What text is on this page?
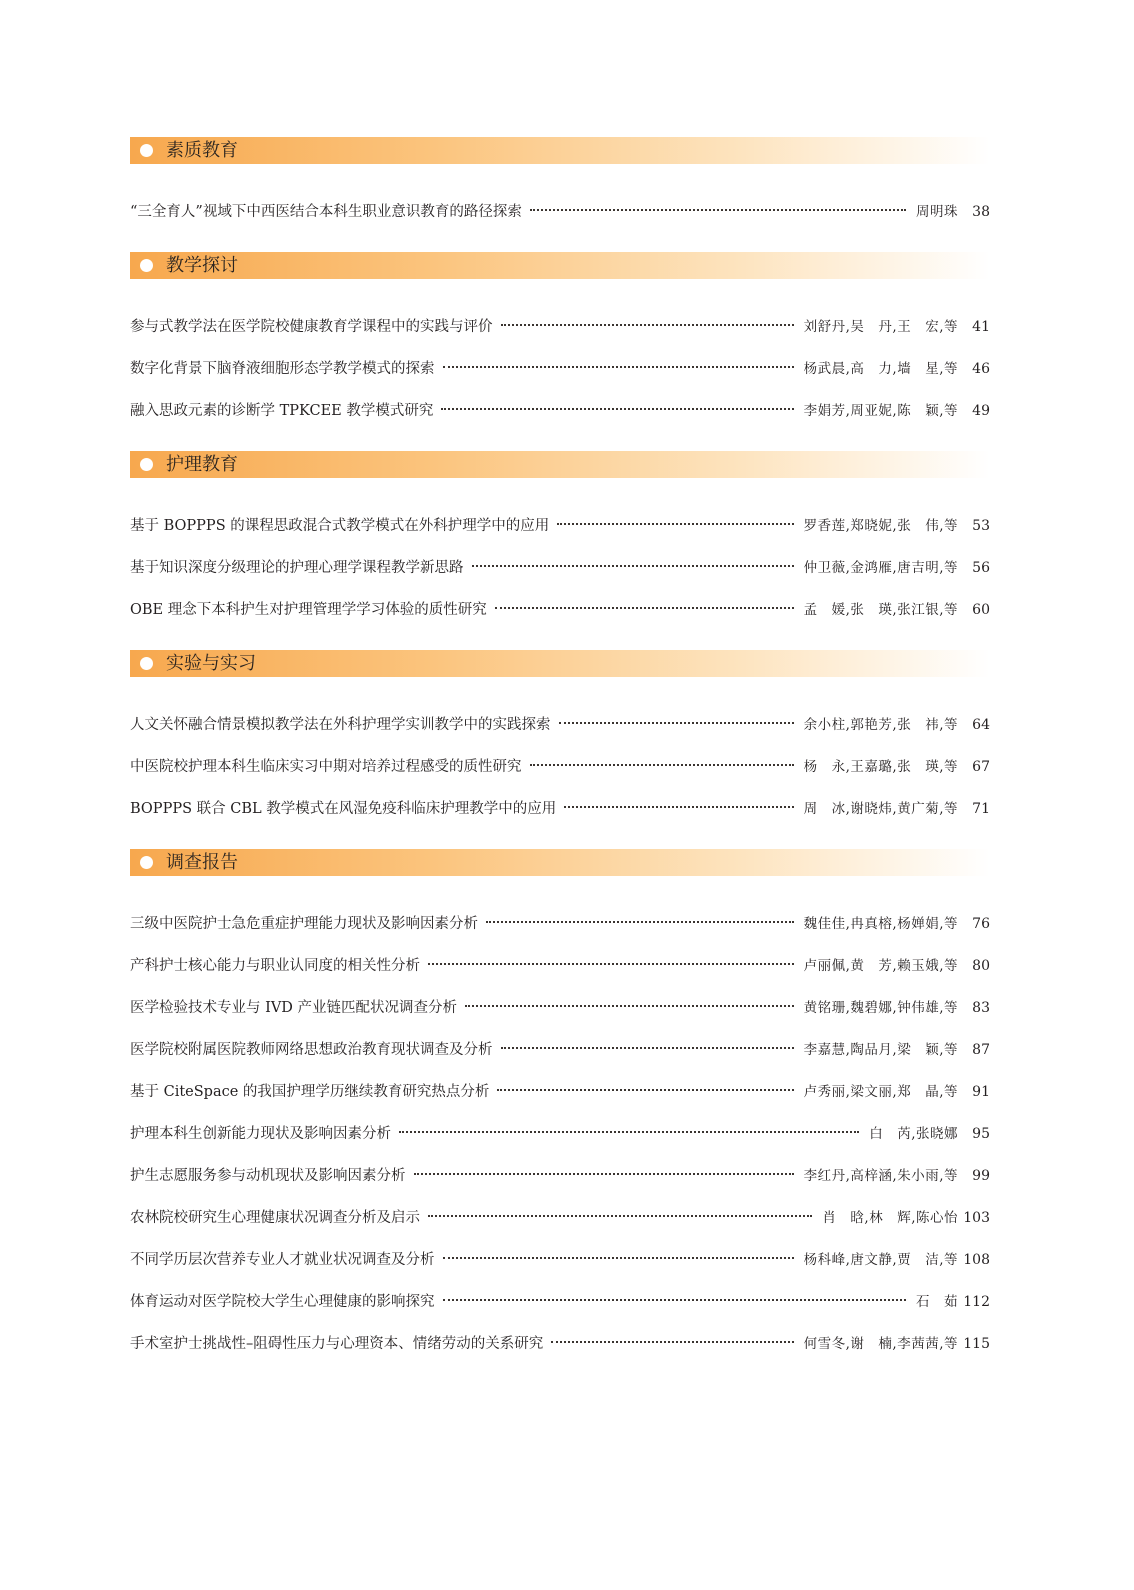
素质教育
“三全育人”视域下中西医结合本科生职业意识教育的路径探索	周明珠	38
教学探讨
参与式教学法在医学院校健康教育学课程中的实践与评价	刘舒丹,吴　丹,王　宏,等	41
数字化背景下脑脊液细胞形态学教学模式的探索	杨武晨,高　力,墙　星,等	46
融入思政元素的诊断学 TPKCEE 教学模式研究	李娟芳,周亚妮,陈　颖,等	49
护理教育
基于 BOPPPS 的课程思政混合式教学模式在外科护理学中的应用	罗香莲,郑晓妮,张　伟,等	53
基于知识深度分级理论的护理心理学课程教学新思路	仲卫薇,金鸿雁,唐吉明,等	56
OBE 理念下本科护生对护理管理学学习体验的质性研究	孟　媛,张　瑛,张江银,等	60
实验与实习
人文关怀融合情景模拟教学法在外科护理学实训教学中的实践探索	余小柱,郭艳芳,张　祎,等	64
中医院校护理本科生临床实习中期对培养过程感受的质性研究	杨　永,王嘉璐,张　瑛,等	67
BOPPPS 联合 CBL 教学模式在风湿免疫科临床护理教学中的应用	周　冰,谢晓炜,黄广菊,等	71
调查报告
三级中医院护士急危重症护理能力现状及影响因素分析	魏佳佳,冉真榕,杨婵娟,等	76
产科护士核心能力与职业认同度的相关性分析	卢丽佩,黄　芳,赖玉娥,等	80
医学检验技术专业与 IVD 产业链匹配状况调查分析	黄铭珊,魏碧娜,钟伟雄,等	83
医学院校附属医院教师网络思想政治教育现状调查及分析	李嘉慧,陶品月,梁　颖,等	87
基于 CiteSpace 的我国护理学历继续教育研究热点分析	卢秀丽,梁文丽,郑　晶,等	91
护理本科生创新能力现状及影响因素分析	白　芮,张晓娜	95
护生志愿服务参与动机现状及影响因素分析	李红丹,高梓涵,朱小雨,等	99
农林院校研究生心理健康状况调查分析及启示	肖　晗,林　辉,陈心怡 103
不同学历层次营养专业人才就业状况调查及分析	杨科峰,唐文静,贾　洁,等 108
体育运动对医学院校大学生心理健康的影响探究	石　茹 112
手术室护士挑战性–阻碍性压力与心理资本、情绪劳动的关系研究	何雪冬,谢　楠,李茜茜,等 115
